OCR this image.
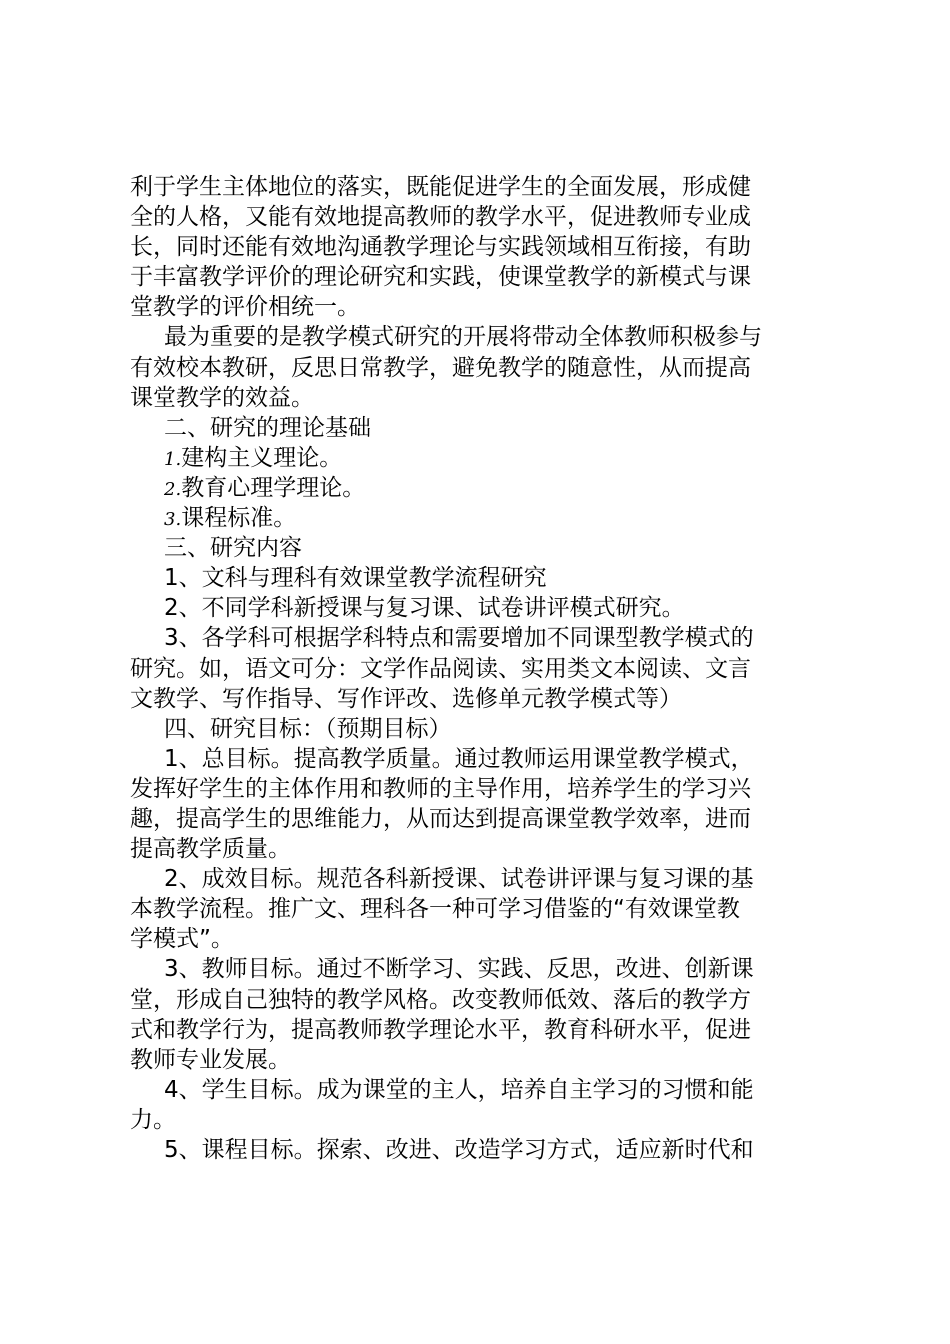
利于学生主体地位的落实，既能促进学生的全面发展，形成健
全的人格，又能有效地提高教师的教学水平，促进教师专业成
长，同时还能有效地沟通教学理论与实践领域相互衔接，有助
于丰富教学评价的理论研究和实践，使课堂教学的新模式与课
堂教学的评价相统一。
最为重要的是教学模式研究的开展将带动全体教师积极参与
有效校本教研，反思日常教学，避免教学的随意性，从而提高
课堂教学的效益。
二、研究的理论基础
1.建构主义理论。
2.教育心理学理论。
3.课程标准。
三、研究内容
1、文科与理科有效课堂教学流程研究
2、不同学科新授课与复习课、试卷讲评模式研究。
3、各学科可根据学科特点和需要增加不同课型教学模式的
研究。如，语文可分：文学作品阅读、实用类文本阅读、文言
文教学、写作指导、写作评改、选修单元教学模式等）
四、研究目标：（预期目标）
1、总目标。提高教学质量。通过教师运用课堂教学模式，
发挥好学生的主体作用和教师的主导作用，培养学生的学习兴
趣，提高学生的思维能力，从而达到提高课堂教学效率，进而
提高教学质量。
2、成效目标。规范各科新授课、试卷讲评课与复习课的基
本教学流程。推广文、理科各一种可学习借鉴的“有效课堂教
学模式”。
3、教师目标。通过不断学习、实践、反思，改进、创新课
堂，形成自己独特的教学风格。改变教师低效、落后的教学方
式和教学行为，提高教师教学理论水平，教育科研水平，促进
教师专业发展。
4、学生目标。成为课堂的主人，培养自主学习的习惯和能
力。
5、课程目标。探索、改进、改造学习方式，适应新时代和
